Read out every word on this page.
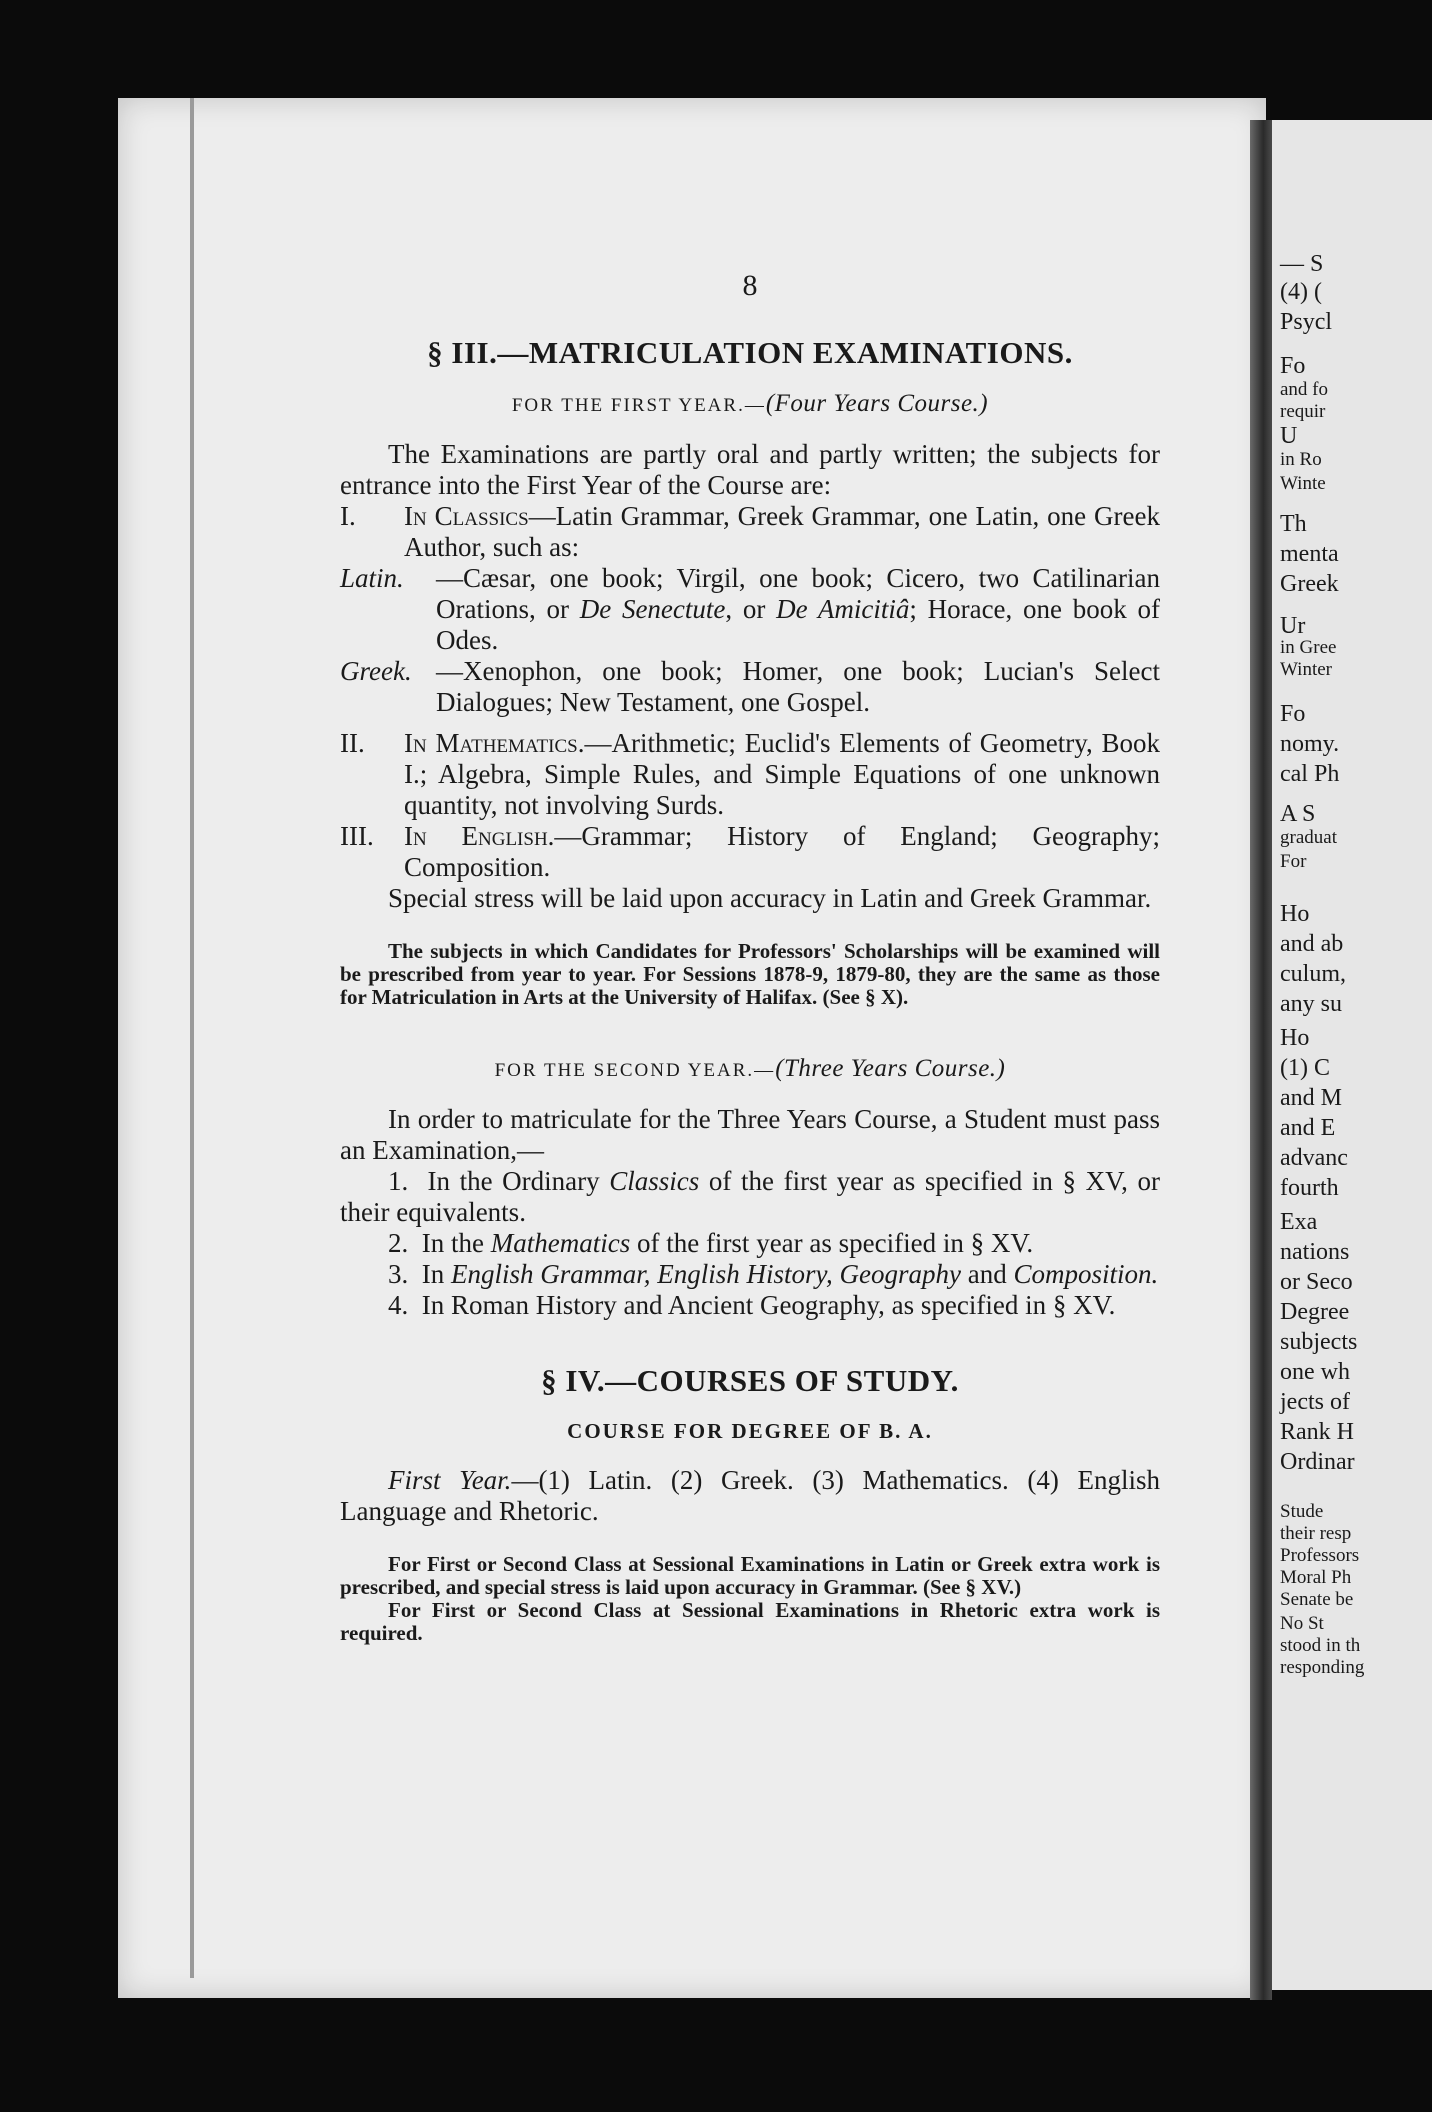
— S
(4) (
Psycl
Fo
and fo
requir
U
in Ro
Winte
Th
menta
Greek
Ur
in Gree
Winter
Fo
nomy.
cal Ph
A S
graduat
For
Ho
and ab
culum,
any su
Ho
(1) C
and M
and E
advanc
fourth
Exa
nations
or Seco
Degree
subjects
one wh
jects of
Rank H
Ordinar
Stude
their resp
Professors
Moral Ph
Senate be
No St
stood in th
responding
8
§ III.—MATRICULATION EXAMINATIONS.
FOR THE FIRST YEAR.—(Four Years Course.)

The Examinations are partly oral and partly written; the subjects for entrance into the First Year of the Course are:

I. In Classics—Latin Grammar, Greek Grammar, one Latin, one Greek Author, such as:
Latin. —Cæsar, one book; Virgil, one book; Cicero, two Catilinarian Orations, or De Senectute, or De Amicitiâ; Horace, one book of Odes.
Greek. —Xenophon, one book; Homer, one book; Lucian's Select Dialogues; New Testament, one Gospel.
II. In Mathematics.—Arithmetic; Euclid's Elements of Geometry, Book I.; Algebra, Simple Rules, and Simple Equations of one unknown quantity, not involving Surds.
III. In English.—Grammar; History of England; Geography; Composition.

Special stress will be laid upon accuracy in Latin and Greek Grammar.

The subjects in which Candidates for Professors' Scholarships will be examined will be prescribed from year to year. For Sessions 1878-9, 1879-80, they are the same as those for Matriculation in Arts at the University of Halifax. (See § X).

FOR THE SECOND YEAR.—(Three Years Course.)

In order to matriculate for the Three Years Course, a Student must pass an Examination,—

1. In the Ordinary Classics of the first year as specified in § XV, or their equivalents.

2. In the Mathematics of the first year as specified in § XV.

3. In English Grammar, English History, Geography and Composition.

4. In Roman History and Ancient Geography, as specified in § XV.

§ IV.—COURSES OF STUDY.
COURSE FOR DEGREE OF B. A.

First Year.—(1) Latin. (2) Greek. (3) Mathematics. (4) English Language and Rhetoric.

For First or Second Class at Sessional Examinations in Latin or Greek extra work is prescribed, and special stress is laid upon accuracy in Grammar. (See § XV.)

For First or Second Class at Sessional Examinations in Rhetoric extra work is required.
